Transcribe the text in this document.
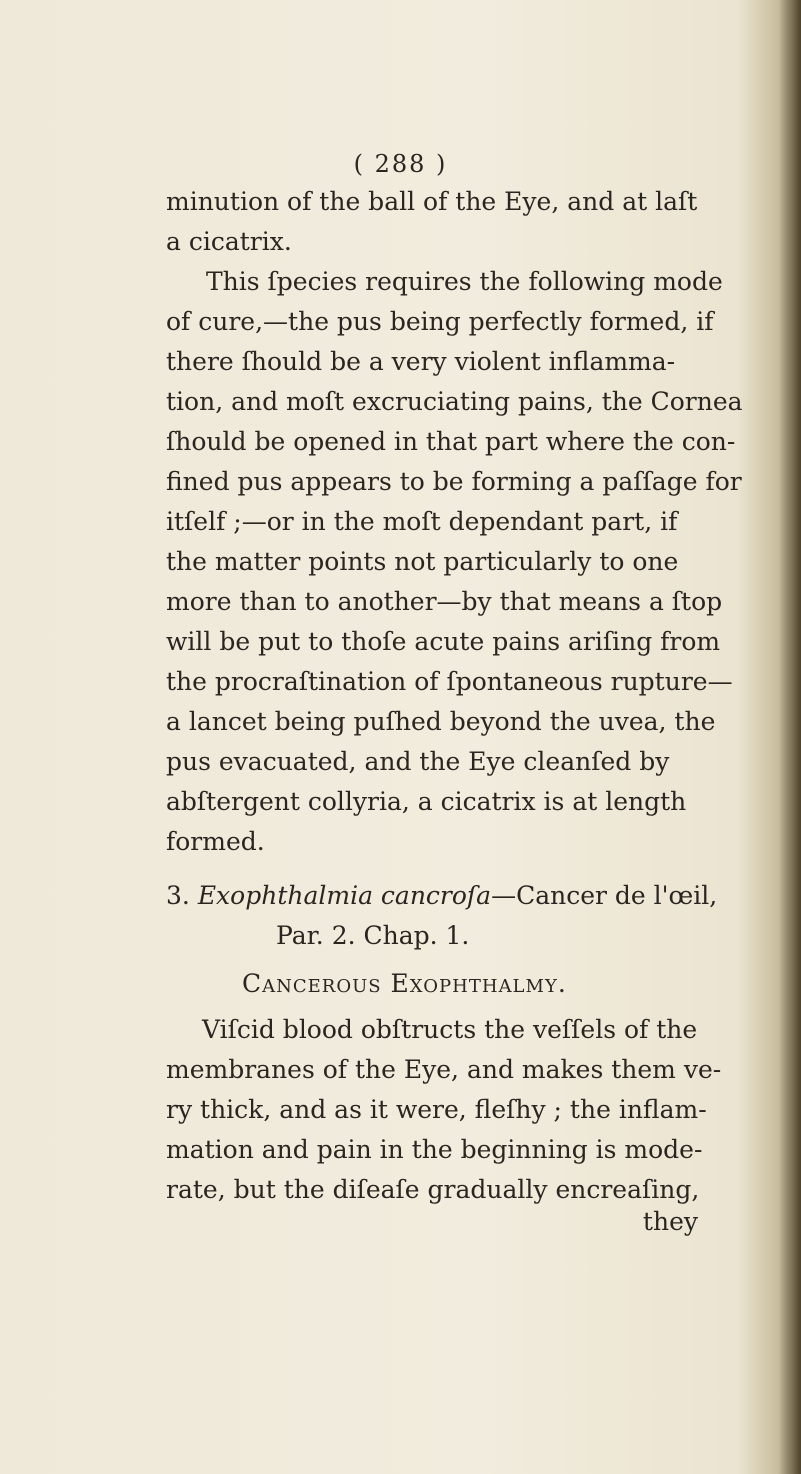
( 288 )
minution of the ball of the Eye, and at laſt
a cicatrix.
This ſpecies requires the following mode
of cure,—the pus being perfectly formed, if
there ſhould be a very violent inflamma-
tion, and moſt excruciating pains, the Cornea
ſhould be opened in that part where the con-
fined pus appears to be forming a paſſage for
itſelf ;—or in the moſt dependant part, if
the matter points not particularly to one
more than to another—by that means a ſtop
will be put to thoſe acute pains ariſing from
the procraſtination of ſpontaneous rupture—
a lancet being puſhed beyond the uvea, the
pus evacuated, and the Eye cleanſed by
abſtergent collyria, a cicatrix is at length
formed.
3. Exophthalmia cancroſa—Cancer de l'œil,
Par. 2. Chap. 1.
Cancerous Exophthalmy.
Viſcid blood obſtructs the veſſels of the
membranes of the Eye, and makes them ve-
ry thick, and as it were, fleſhy ; the inflam-
mation and pain in the beginning is mode-
rate, but the diſeaſe gradually encreaſing,
they
